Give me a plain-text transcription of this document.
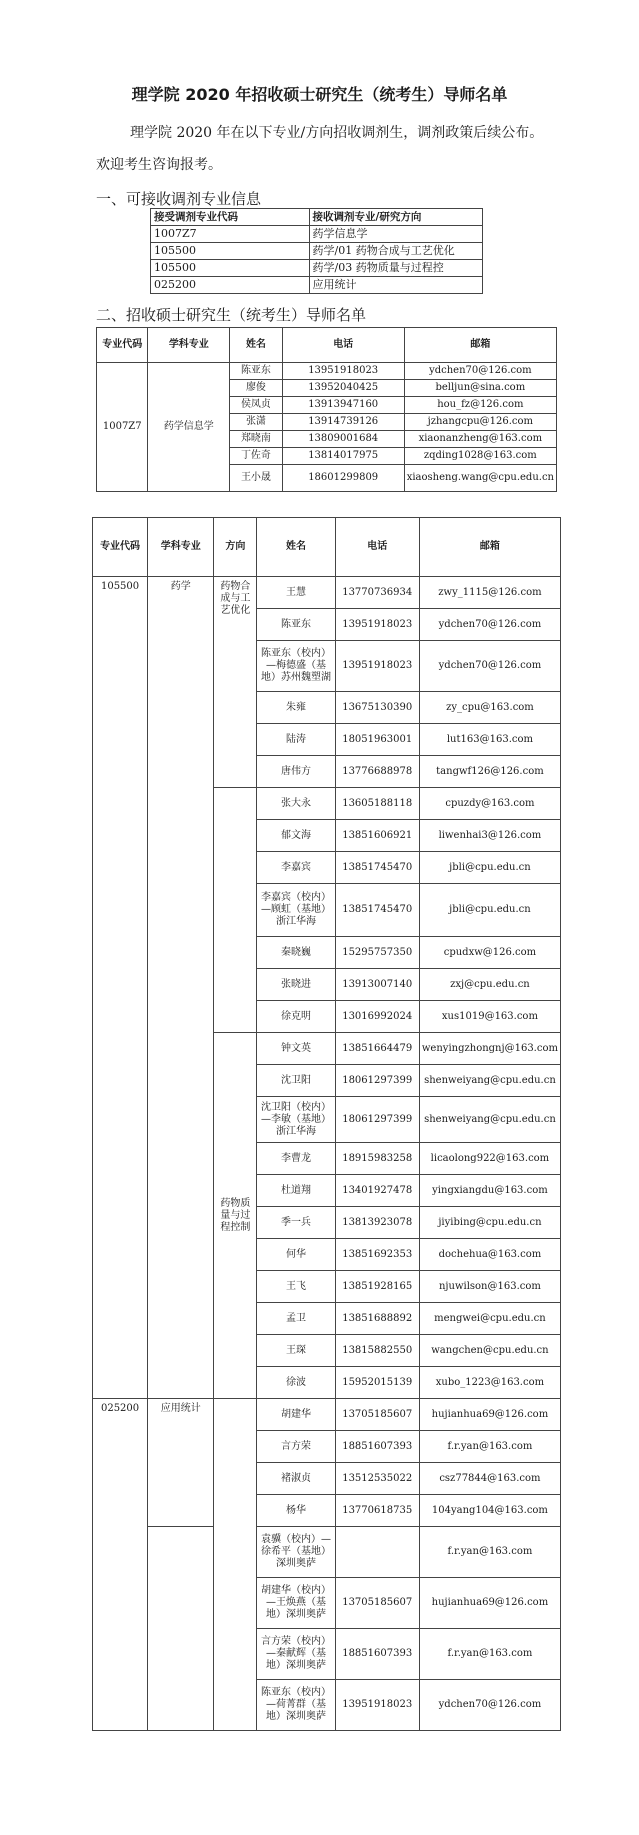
理学院 2020 年招收硕士研究生（统考生）导师名单
理学院 2020 年在以下专业/方向招收调剂生，调剂政策后续公布。
欢迎考生咨询报考。
一、可接收调剂专业信息
接受调剂专业代码	接收调剂专业/研究方向
1007Z7	药学信息学
105500	药学/01 药物合成与工艺优化
105500	药学/03 药物质量与过程控
025200	应用统计
二、招收硕士研究生（统考生）导师名单
专业代码	学科专业	姓名	电话	邮箱
1007Z7	药学信息学	陈亚东	13951918023	ydchen70@126.com
		廖俊	13952040425	belljun@sina.com
		侯凤贞	13913947160	hou_fz@126.com
		张潇	13914739126	jzhangcpu@126.com
		郑晓南	13809001684	xiaonanzheng@163.com
		丁佐奇	13814017975	zqding1028@163.com
		王小晟	18601299809	xiaosheng.wang@cpu.edu.cn
专业代码	学科专业	方向	姓名	电话	邮箱
105500	药学	药物合成与工艺优化	王慧	13770736934	zwy_1115@126.com
			陈亚东	13951918023	ydchen70@126.com
			陈亚东（校内）—梅德盛（基地）苏州魏塑湖	13951918023	ydchen70@126.com
			朱雍	13675130390	zy_cpu@163.com
			陆涛	18051963001	lut163@163.com
			唐伟方	13776688978	tangwf126@126.com
			张大永	13605188118	cpuzdy@163.com
			郁文海	13851606921	liwenhai3@126.com
			李嘉宾	13851745470	jbli@cpu.edu.cn
			李嘉宾（校内）—顾虹（基地）浙江华海	13851745470	jbli@cpu.edu.cn
			秦晓巍	15295757350	cpudxw@126.com
			张晓进	13913007140	zxj@cpu.edu.cn
			徐克明	13016992024	xus1019@163.com
		药物质量与过程控制	钟文英	13851664479	wenyingzhongnj@163.com
			沈卫阳	18061297399	shenweiyang@cpu.edu.cn
			沈卫阳（校内）—李敏（基地）浙江华海	18061297399	shenweiyang@cpu.edu.cn
			李曹龙	18915983258	licaolong922@163.com
			杜道翔	13401927478	yingxiangdu@163.com
			季一兵	13813923078	jiyibing@cpu.edu.cn
			何华	13851692353	dochehua@163.com
			王飞	13851928165	njuwilson@163.com
			孟卫	13851688892	mengwei@cpu.edu.cn
			王琛	13815882550	wangchen@cpu.edu.cn
			徐波	15952015139	xubo_1223@163.com
025200	应用统计		胡建华	13705185607	hujianhua69@126.com
			言方荣	18851607393	f.r.yan@163.com
			褚淑贞	13512535022	csz77844@163.com
			杨华	13770618735	104yang104@163.com
			袁骥（校内）—徐希平（基地）深圳奥萨		f.r.yan@163.com
			胡建华（校内）—王焕燕（基地）深圳奥萨	13705185607	hujianhua69@126.com
			言方荣（校内）—秦献辉（基地）深圳奥萨	18851607393	f.r.yan@163.com
			陈亚东（校内）—荷菁群（基地）深圳奥萨	13951918023	ydchen70@126.com
